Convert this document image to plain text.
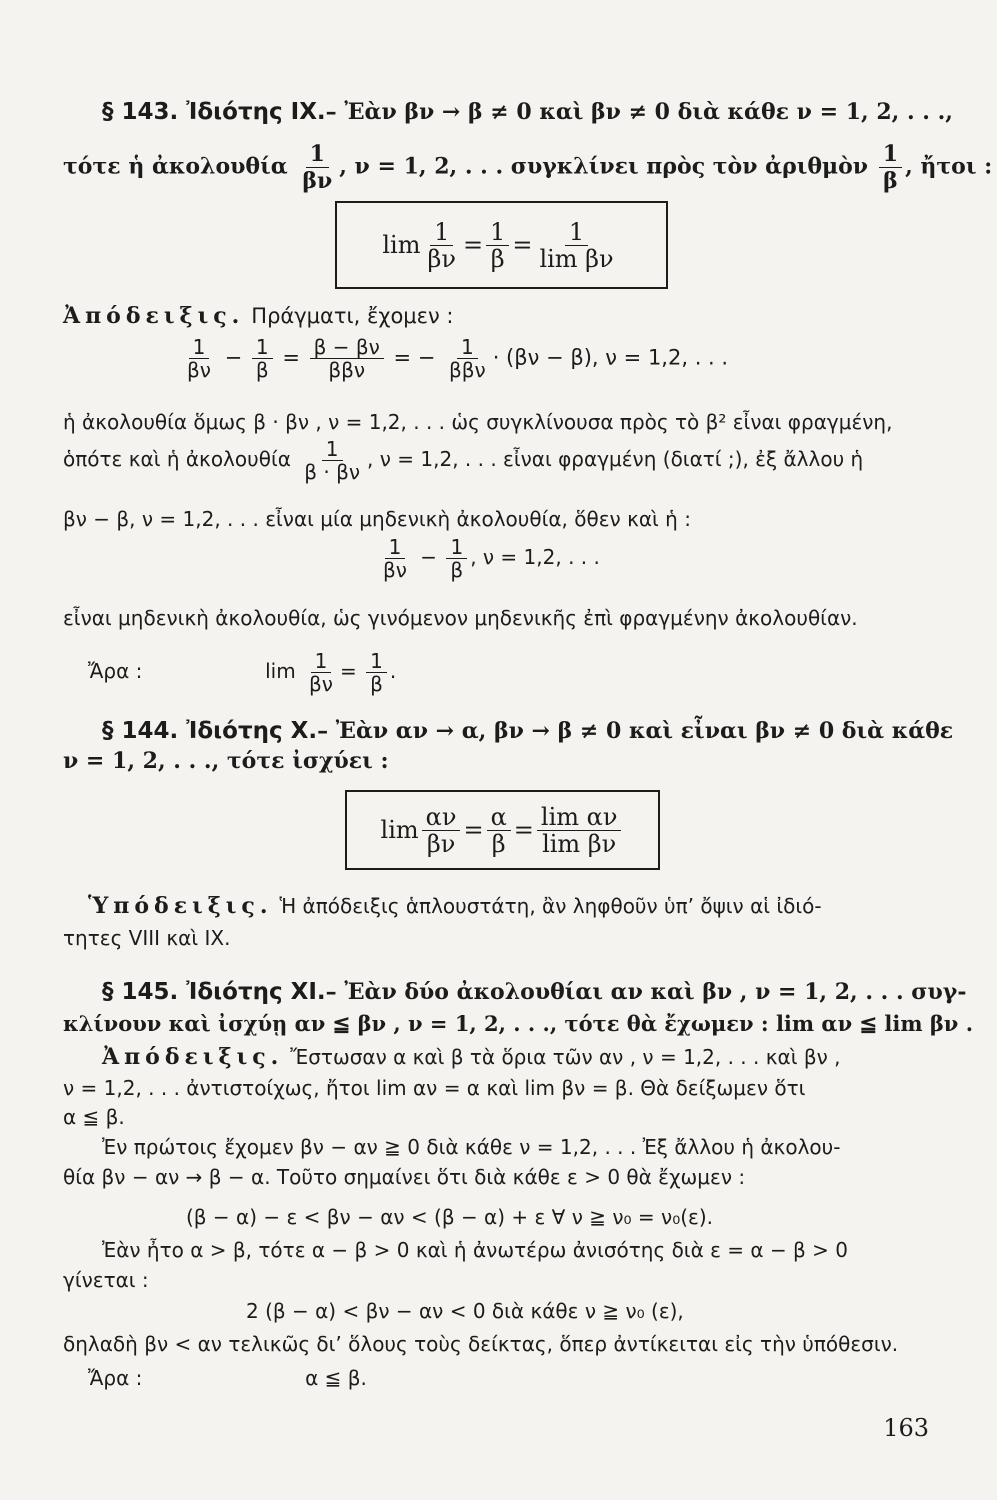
§ 143. Ἰδιότης IX.– Ἐὰν βν → β ≠ 0 καὶ βν ≠ 0 διὰ κάθε ν = 1, 2, . . .,
τότε ἡ ἀκολουθία $\frac{1}{\beta\nu}$ , ν = 1, 2, . . . συγκλίνει πρὸς τὸν ἀριθμὸν $\frac{1}{\beta}$ , ἤτοι :
$\lim \frac{1}{\beta\nu} = \frac{1}{\beta} = \frac{1}{\text{lim βν}}$
Ἀπόδειξις. Πράγματι, ἔχομεν :
$\frac{1}{\beta\nu} - \frac{1}{\beta} = \frac{\beta - \beta\nu}{\text{ββν}}$ = − $\frac{1}{\text{ββν}} \cdot (\beta\nu - \beta)$, ν = 1,2, . . .
ἡ ἀκολουθία ὅμως β · βν , ν = 1,2, . . . ὡς συγκλίνουσα πρὸς τὸ β² εἶναι φραγμένη,
ὁπότε καὶ ἡ ἀκολουθία $\frac{1}{\beta \cdot \beta\nu}$ , ν = 1,2, . . . εἶναι φραγμένη (διατί ;), ἐξ ἄλλου ἡ
βν − β, ν = 1,2, . . . εἶναι μία μηδενικὴ ἀκολουθία, ὅθεν καὶ ἡ :
$\frac{1}{\beta\nu} - \frac{1}{\beta}$ , ν = 1,2, . . .
εἶναι μηδενικὴ ἀκολουθία, ὡς γινόμενον μηδενικῆς ἐπὶ φραγμένην ἀκολουθίαν.
Ἄρα :	$\lim \frac{1}{\beta\nu} = \frac{1}{\beta}$ .
§ 144. Ἰδιότης X.– Ἐὰν αν → α, βν → β ≠ 0 καὶ εἶναι βν ≠ 0 διὰ κάθε
ν = 1, 2, . . ., τότε ἰσχύει :
$\lim \frac{\alpha\nu}{\beta\nu} = \frac{\alpha}{\beta} = \frac{\text{lim αν}}{\text{lim βν}}$
Ὑπόδειξις. Ἡ ἀπόδειξις ἁπλουστάτη, ἂν ληφθοῦν ὑπ’ ὄψιν αἱ ἰδιό-
τητες VIII καὶ IX.
§ 145. Ἰδιότης XI.– Ἐὰν δύο ἀκολουθίαι αν καὶ βν , ν = 1, 2, . . . συγ-
κλίνουν καὶ ἰσχύῃ αν ≦ βν , ν = 1, 2, . . ., τότε θὰ ἔχωμεν : lim αν ≦ lim βν .
Ἀπόδειξις. Ἔστωσαν α καὶ β τὰ ὅρια τῶν αν , ν = 1,2, . . . καὶ βν ,
ν = 1,2, . . . ἀντιστοίχως, ἤτοι lim αν = α καὶ lim βν = β. Θὰ δείξωμεν ὅτι
α ≦ β.
Ἐν πρώτοις ἔχομεν βν − αν ≧ 0 διὰ κάθε ν = 1,2, . . . Ἐξ ἄλλου ἡ ἀκολου-
θία βν − αν → β − α. Τοῦτο σημαίνει ὅτι διὰ κάθε ε > 0 θὰ ἔχωμεν :
(β − α) − ε < βν − αν < (β − α) + ε ∀ ν ≧ ν₀ = ν₀(ε).
Ἐὰν ἦτο α > β, τότε α − β > 0 καὶ ἡ ἀνωτέρω ἀνισότης διὰ ε = α − β > 0
γίνεται :
2 (β − α) < βν − αν < 0 διὰ κάθε ν ≧ ν₀ (ε),
δηλαδὴ βν < αν τελικῶς δι’ ὅλους τοὺς δείκτας, ὅπερ ἀντίκειται εἰς τὴν ὑπόθεσιν.
Ἄρα :	α ≦ β.
163
